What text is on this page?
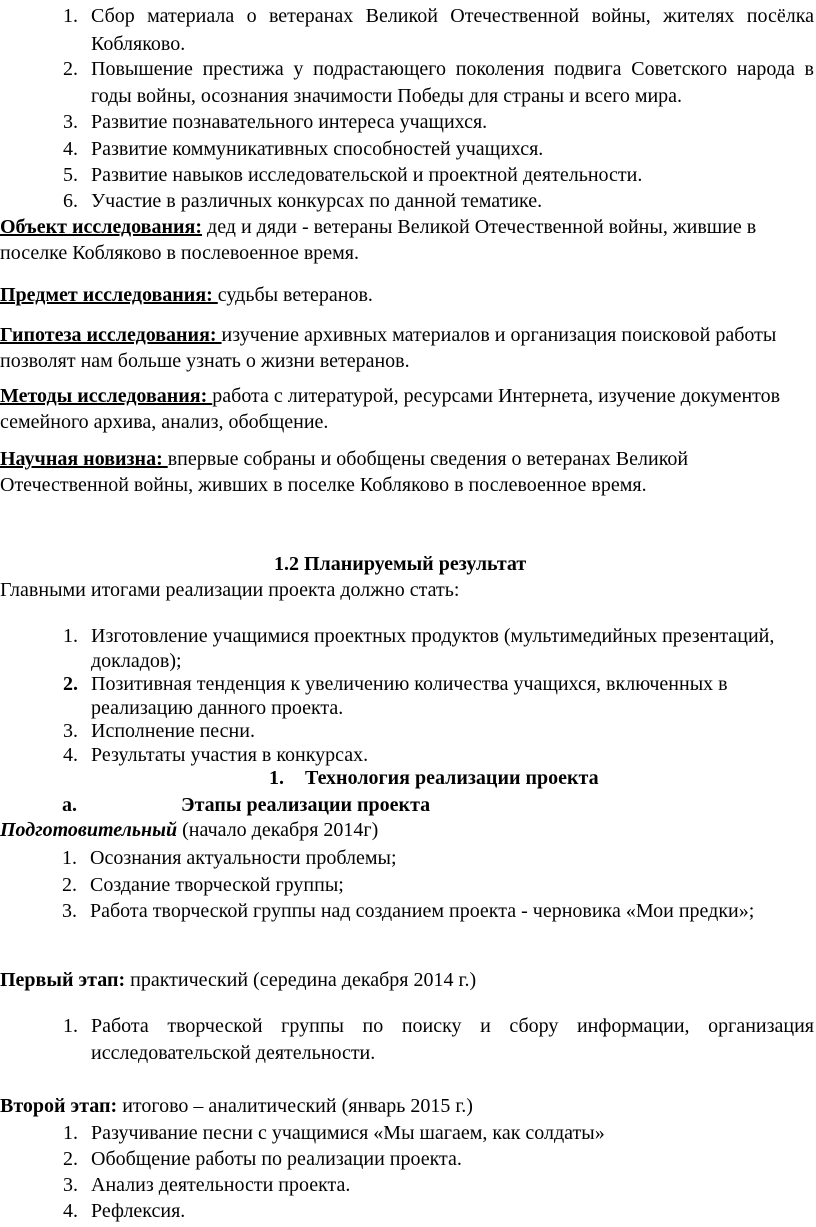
1. Сбор материала о ветеранах Великой Отечественной войны, жителях посёлка
Кобляково.
2. Повышение престижа у подрастающего поколения подвига Советского народа в
годы войны, осознания значимости Победы для страны и всего мира.
3. Развитие познавательного интереса учащихся.
4. Развитие коммуникативных способностей учащихся.
5. Развитие навыков исследовательской и проектной деятельности.
6. Участие в различных конкурсах по данной тематике.
Объект исследования: дед и дяди - ветераны Великой Отечественной войны, жившие в
поселке Кобляково в послевоенное время.
Предмет исследования: судьбы ветеранов.
Гипотеза исследования: изучение архивных материалов и организация поисковой работы
позволят нам больше узнать о жизни ветеранов.
Методы исследования: работа с литературой, ресурсами Интернета, изучение документов
семейного архива, анализ, обобщение.
Научная новизна: впервые собраны и обобщены сведения о ветеранах Великой
Отечественной войны, живших в поселке Кобляково в послевоенное время.
1.2 Планируемый результат
Главными итогами реализации проекта должно стать:
1. Изготовление учащимися проектных продуктов (мультимедийных презентаций,
докладов);
2. Позитивная тенденция к увеличению количества учащихся, включенных в
реализацию данного проекта.
3. Исполнение песни.
4. Результаты участия в конкурсах.
1. Технология реализации проекта
a.	Этапы реализации проекта
Подготовительный (начало декабря 2014г)
1. Осознания актуальности проблемы;
2. Создание творческой группы;
3. Работа творческой группы над созданием проекта - черновика «Мои предки»;
Первый этап: практический (середина декабря 2014 г.)
1. Работа творческой группы по поиску и сбору информации, организация
исследовательской деятельности.
Второй этап: итогово – аналитический (январь 2015 г.)
1. Разучивание песни с учащимися «Мы шагаем, как солдаты»
2. Обобщение работы по реализации проекта.
3. Анализ деятельности проекта.
4. Рефлексия.
